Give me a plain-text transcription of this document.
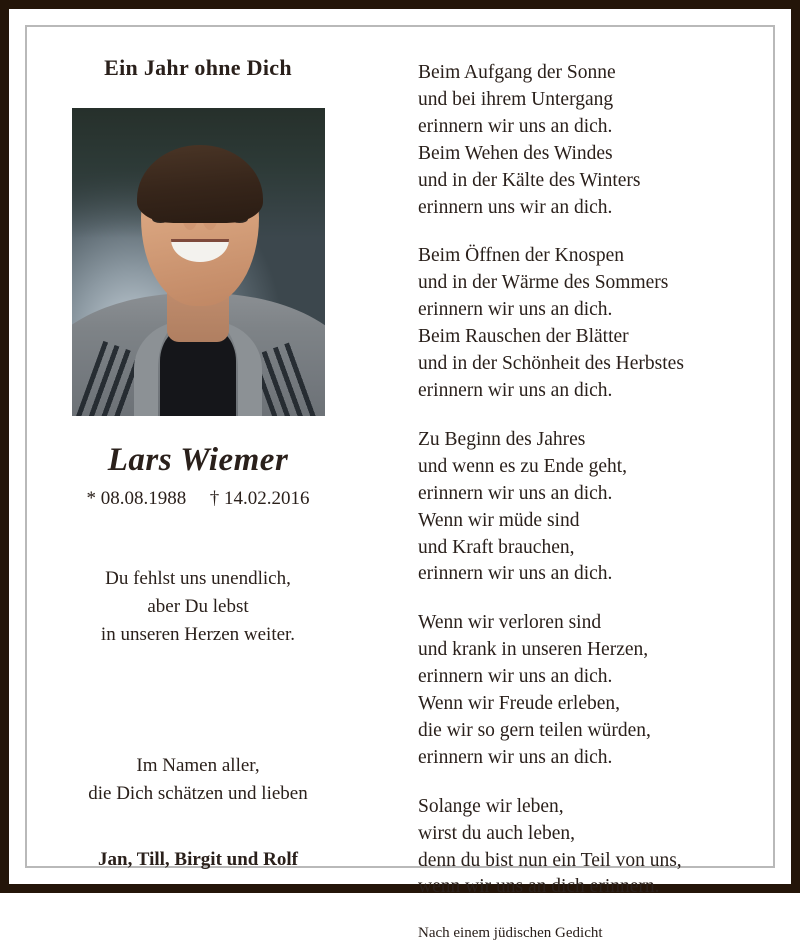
Ein Jahr ohne Dich
Lars Wiemer
* 08.08.1988 † 14.02.2016
Du fehlst uns unendlich,
aber Du lebst
in unseren Herzen weiter.
Im Namen aller,
die Dich schätzen und lieben
Jan, Till, Birgit und Rolf
Beim Aufgang der Sonne
und bei ihrem Untergang
erinnern wir uns an dich.
Beim Wehen des Windes
und in der Kälte des Winters
erinnern uns wir an dich.
Beim Öffnen der Knospen
und in der Wärme des Sommers
erinnern wir uns an dich.
Beim Rauschen der Blätter
und in der Schönheit des Herbstes
erinnern wir uns an dich.
Zu Beginn des Jahres
und wenn es zu Ende geht,
erinnern wir uns an dich.
Wenn wir müde sind
und Kraft brauchen,
erinnern wir uns an dich.
Wenn wir verloren sind
und krank in unseren Herzen,
erinnern wir uns an dich.
Wenn wir Freude erleben,
die wir so gern teilen würden,
erinnern wir uns an dich.
Solange wir leben,
wirst du auch leben,
denn du bist nun ein Teil von uns,
wenn wir uns an dich erinnern.
Nach einem jüdischen Gedicht
